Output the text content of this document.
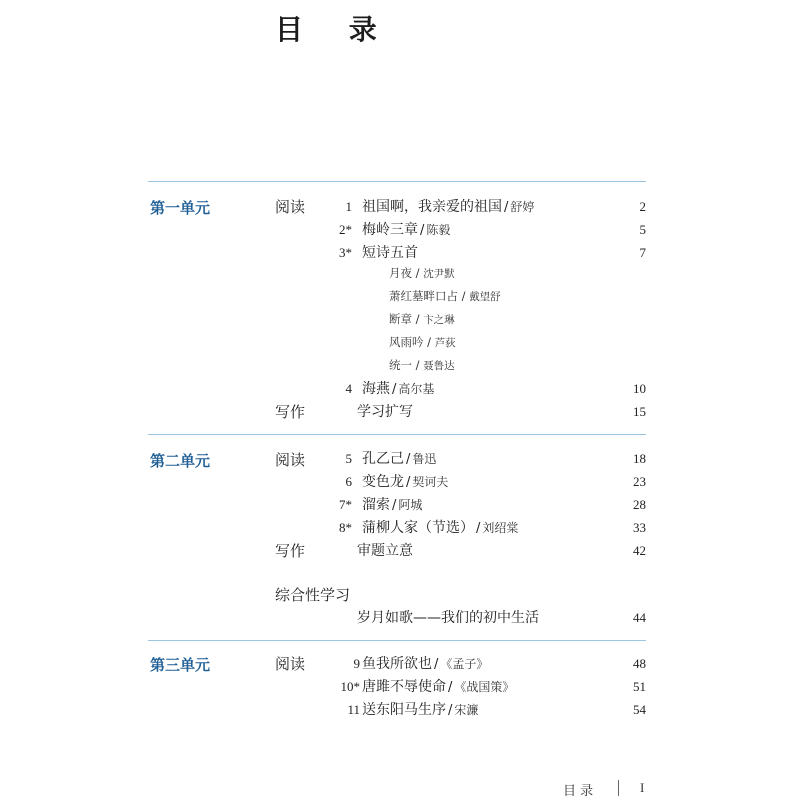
目 录
第一单元	阅读	1 祖国啊，我亲爱的祖国 / 舒婷	2
2* 梅岭三章 / 陈毅	5
3* 短诗五首	7
月夜 / 沈尹默
萧红墓畔口占 / 戴望舒
断章 / 卞之琳
风雨吟 / 芦荻
统一 / 聂鲁达
4 海燕 / 高尔基	10
写作	学习扩写	15
第二单元	阅读	5 孔乙己 / 鲁迅	18
6 变色龙 / 契诃夫	23
7* 溜索 / 阿城	28
8* 蒲柳人家（节选） / 刘绍棠	33
写作	审题立意	42
综合性学习
岁月如歌——我们的初中生活	44
第三单元	阅读	9 鱼我所欲也 / 《孟子》	48
10* 唐雎不辱使命 / 《战国策》	51
11 送东阳马生序 / 宋濂	54
目 录	I
